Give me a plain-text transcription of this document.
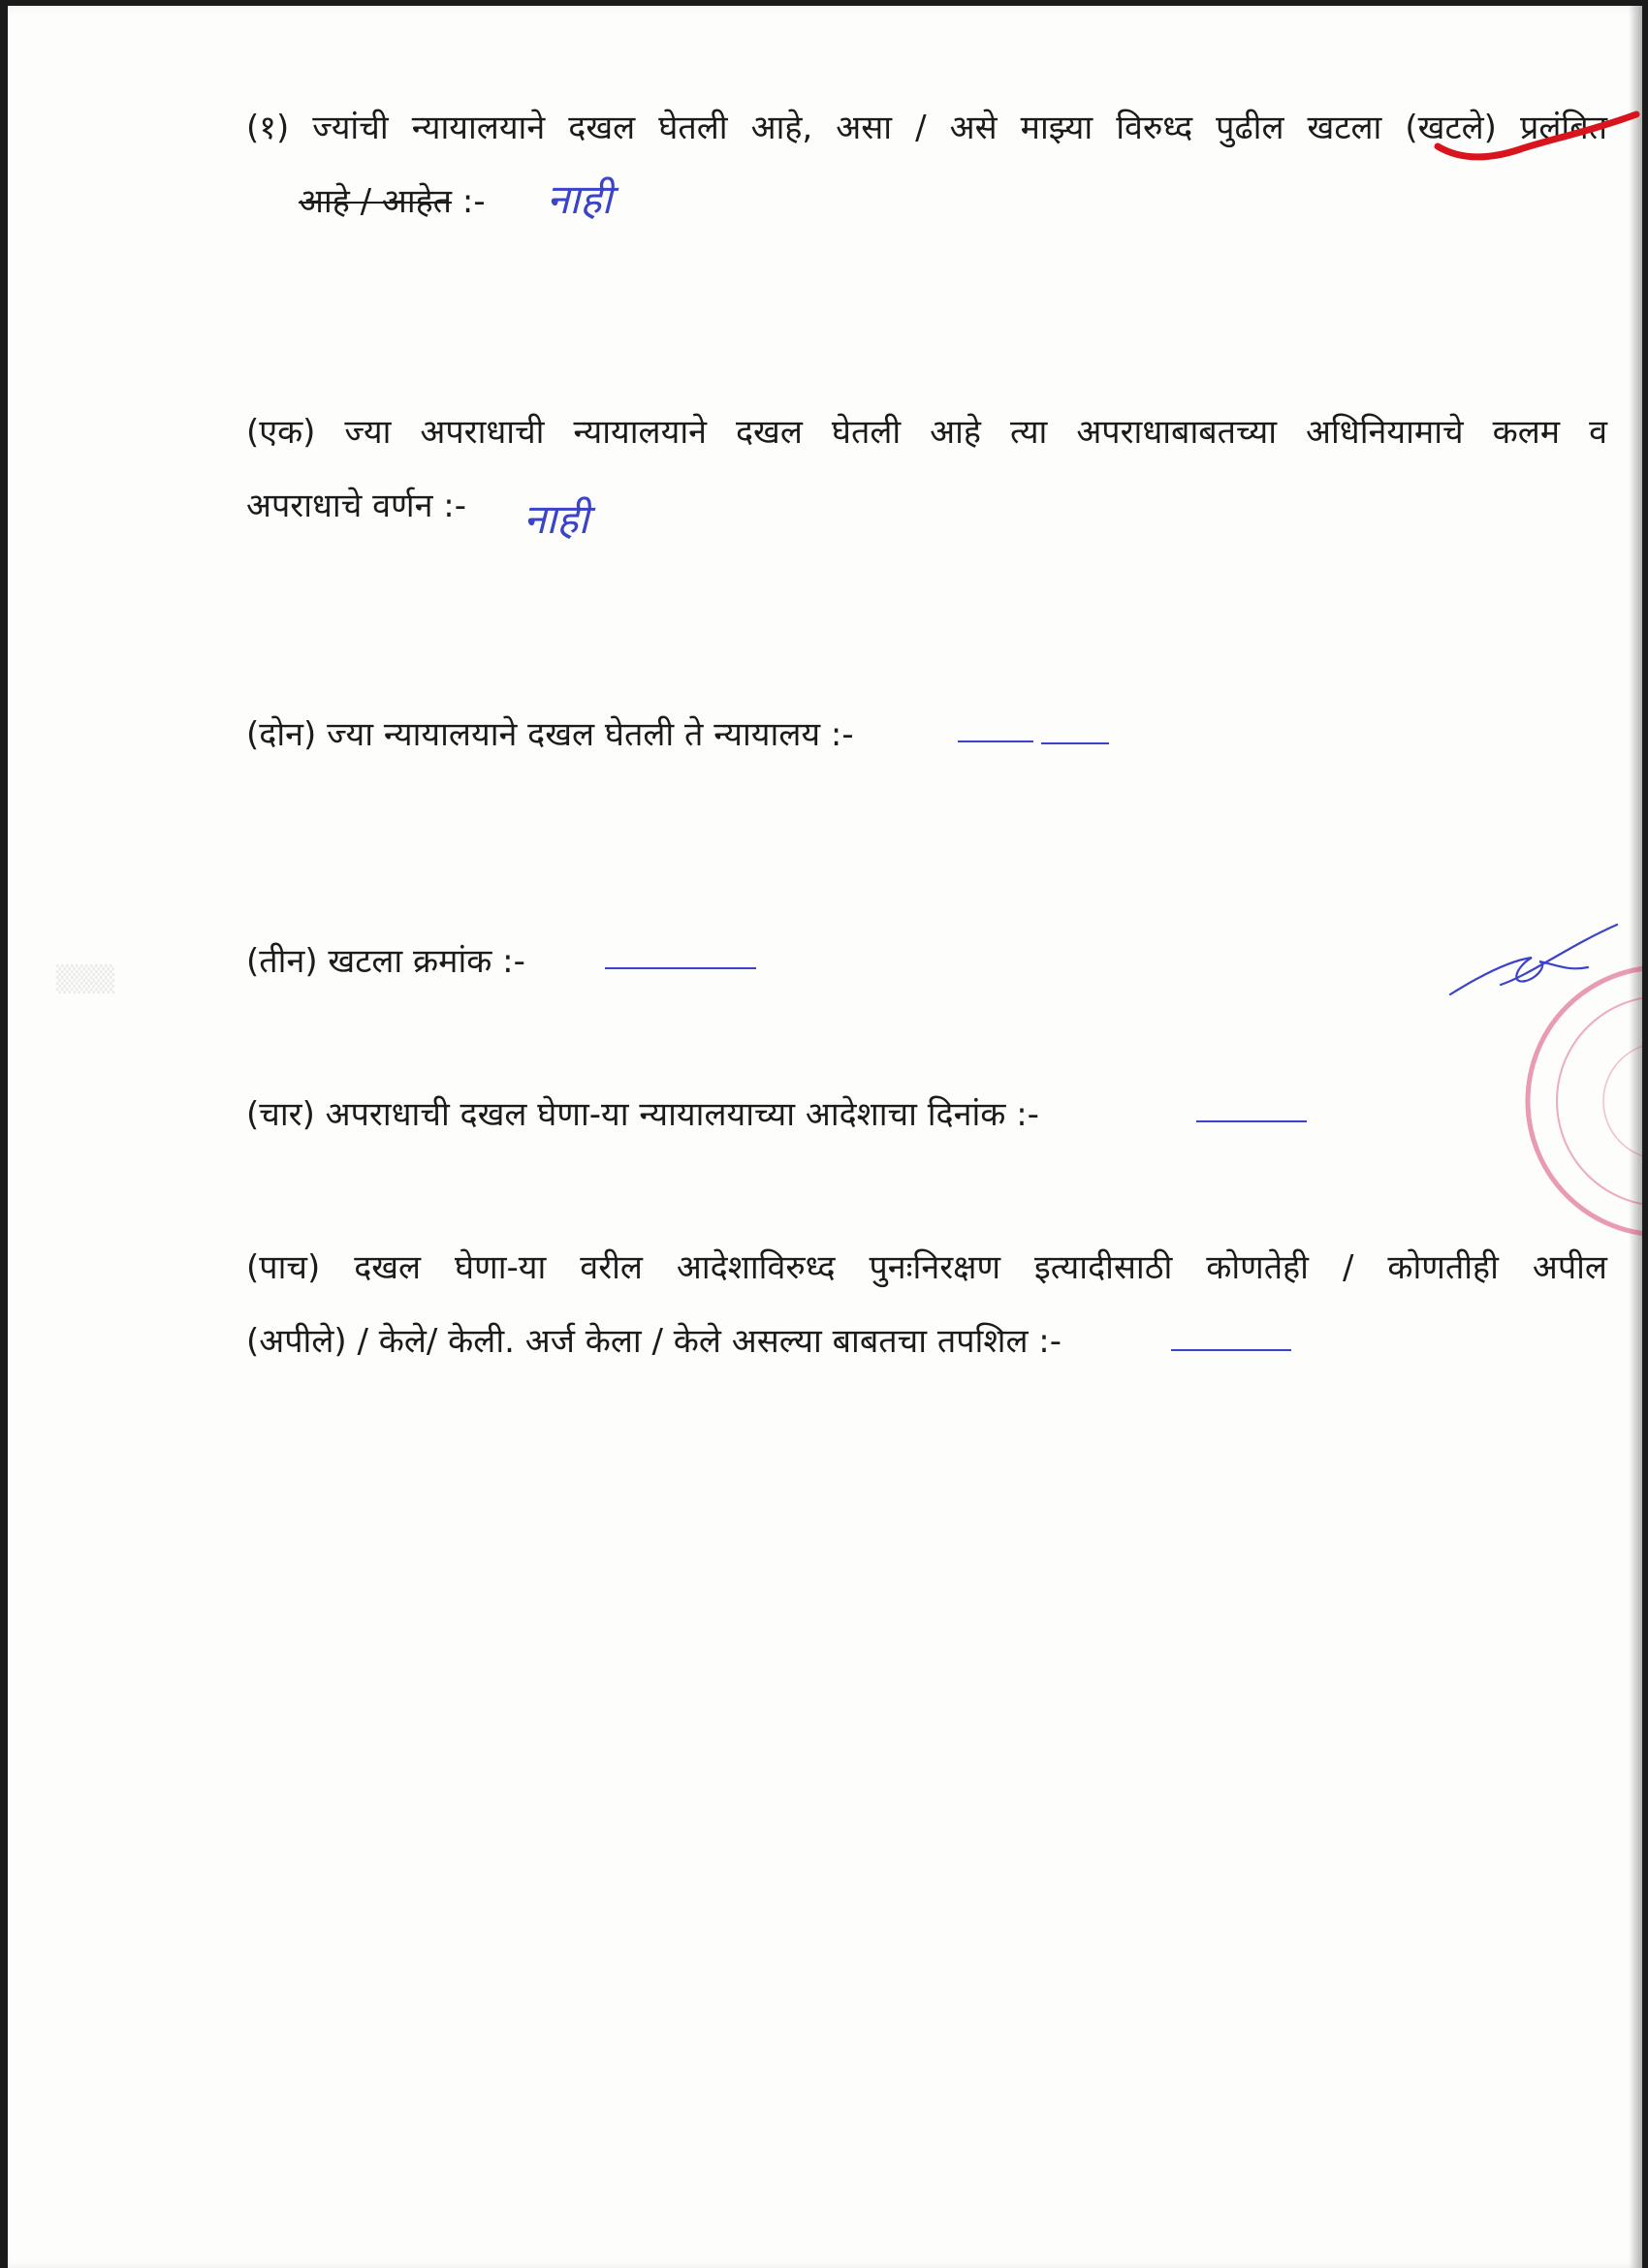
(१) ज्यांची न्यायालयाने दखल घेतली आहे, असा / असे माझ्या विरुध्द पुढील खटला (खटले) प्रलंबित
आहे / आहेत :- नाही
(एक) ज्या अपराधाची न्यायालयाने दखल घेतली आहे त्या अपराधाबाबतच्या अधिनियामाचे कलम व
अपराधाचे वर्णन :- नाही
(दोन) ज्या न्यायालयाने दखल घेतली ते न्यायालय :-
(तीन) खटला क्रमांक :-
▒▒▒
(चार) अपराधाची दखल घेणा-या न्यायालयाच्या आदेशाचा दिनांक :-
(पाच) दखल घेणा-या वरील आदेशाविरुध्द पुनःनिरक्षण इत्यादीसाठी कोणतेही / कोणतीही अपील
(अपीले) / केले/ केली. अर्ज केला / केले असल्या बाबतचा तपशिल :-
